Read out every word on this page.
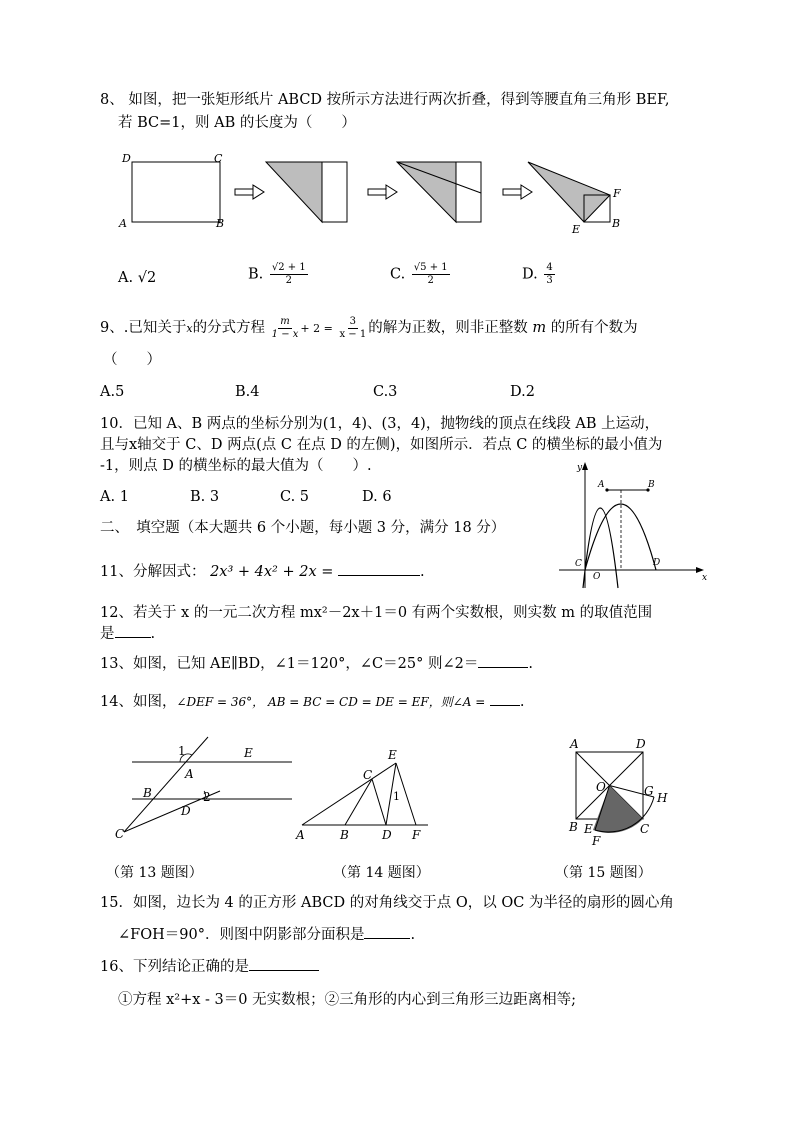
8、 如图，把一张矩形纸片 ABCD 按所示方法进行两次折叠，得到等腰直角三角形 BEF,
若 BC=1，则 AB 的长度为（　　）
D	C
A	B
F
E	B
A. √2	B. $\frac{√2 + 1}{2}$	C. $\frac{√5 + 1}{2}$	D. $\frac{4}{3}$
9、.已知关于x的分式方程 $\frac{m}{1 - x} + 2 = \frac{3}{x - 1}$ 的解为正数，则非正整数 m 的所有个数为
（　　）
A.5	B.4	C.3	D.2
10．已知 A、B 两点的坐标分别为(1，4)、(3，4)，抛物线的顶点在线段 AB 上运动，
且与x轴交于 C、D 两点(点 C 在点 D 的左侧)，如图所示．若点 C 的横坐标的最小值为
-1，则点 D 的横坐标的最大值为（　　）.
A. 1	B. 3	C. 5	D. 6
y
x
A	B
C
O
D
二、　填空题（本大题共 6 个小题，每小题 3 分，满分 18 分）
11、分解因式： 2x³ + 4x² + 2x =	.
12、若关于 x 的一元二次方程 mx²－2x＋1＝0 有两个实数根，则实数 m 的取值范围
是 .
13、如图，已知 AE∥BD，∠1＝120°，∠C＝25° 则∠2＝	.
14、如图，∠DEF = 36°， AB = BC = CD = DE = EF，则∠A = .
1	E
A
B	2
D
C
（第 13 题图）
E
C
1
A	B	D F
（第 14 题图）
A	D
O	G H
B E	C
F
（第 15 题图）
15．如图，边长为 4 的正方形 ABCD 的对角线交于点 O，以 OC 为半径的扇形的圆心角
∠FOH＝90°．则图中阴影部分面积是	.
16、下列结论正确的是
①方程 x²+x - 3＝0 无实数根；②三角形的内心到三角形三边距离相等;
